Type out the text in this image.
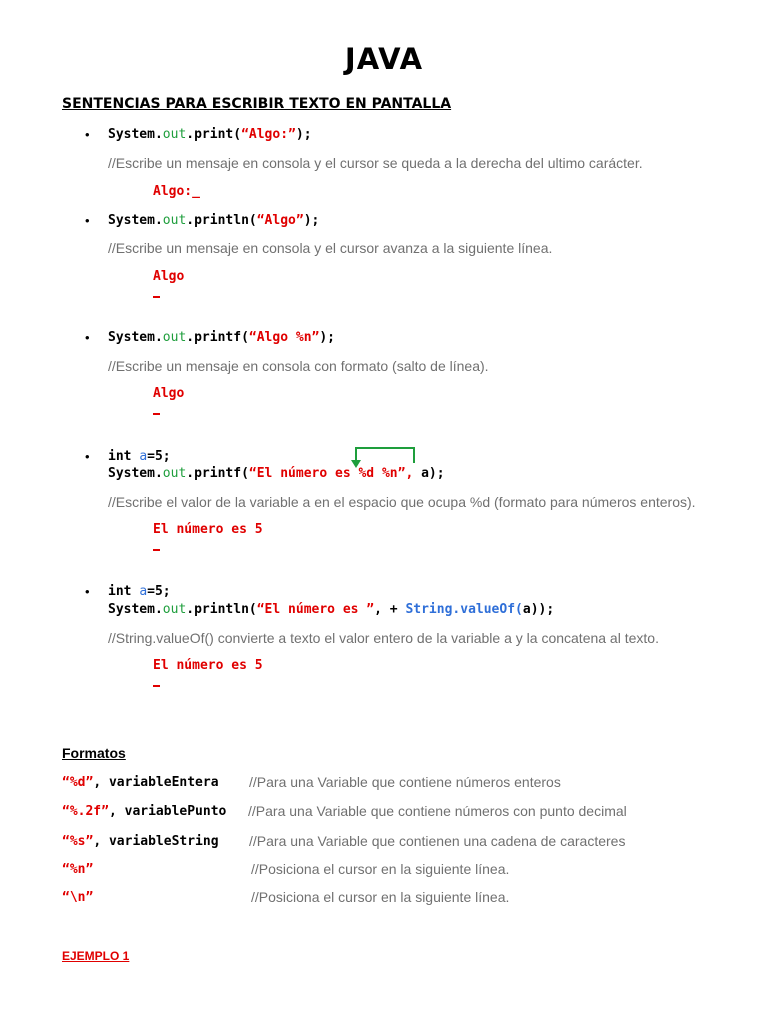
JAVA
SENTENCIAS PARA ESCRIBIR TEXTO EN PANTALLA
• System.out.print(“Algo:”);
//Escribe un mensaje en consola y el cursor se queda a la derecha del ultimo carácter.
Algo:_
• System.out.println(“Algo”);
//Escribe un mensaje en consola y el cursor avanza a la siguiente línea.
Algo
• System.out.printf(“Algo %n”);
//Escribe un mensaje en consola con formato (salto de línea).
Algo
• int a=5;
System.out.printf(“El número es %d %n”, a);
//Escribe el valor de la variable a en el espacio que ocupa %d (formato para números enteros).
El número es 5
• int a=5;
System.out.println(“El número es ”, + String.valueOf(a));
//String.valueOf() convierte a texto el valor entero de la variable a y la concatena al texto.
El número es 5
Formatos
“%d”, variableEntera //Para una Variable que contiene números enteros
“%.2f”, variablePunto //Para una Variable que contiene números con punto decimal
“%s”, variableString //Para una Variable que contienen una cadena de caracteres
“%n”	//Posiciona el cursor en la siguiente línea.
“\n”	//Posiciona el cursor en la siguiente línea.
EJEMPLO 1
